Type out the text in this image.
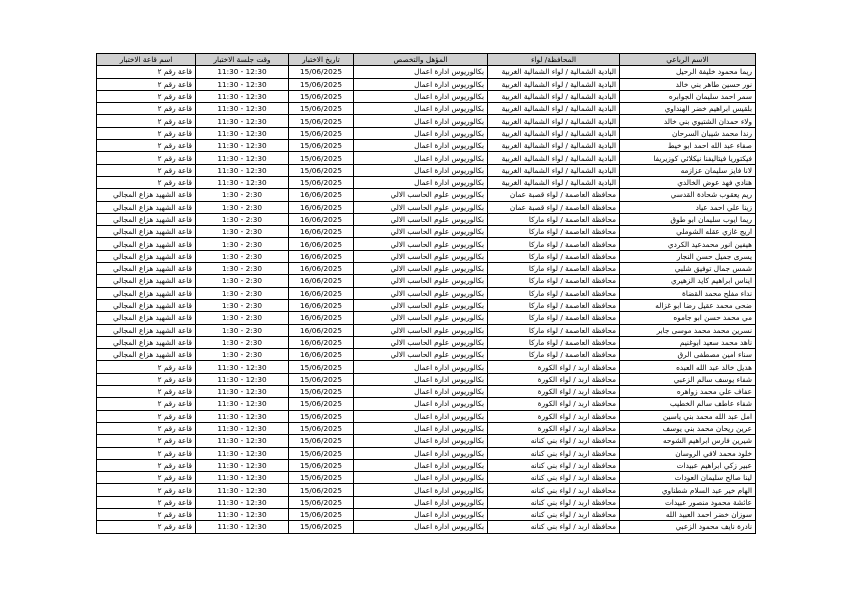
الاسم الرباعي	المحافظة/ لواء	المؤهل والتخصص	تاريخ الاختبار	وقت جلسة الاختبار	اسم قاعة الاختبار
ريما محمود خليفة الرحيل	البادية الشمالية / لواء الشمالية الغربية	بكالوريوس ادارة اعمال	15/06/2025	11:30 - 12:30	قاعة رقم ٢
نور حسين طاهر بني خالد	البادية الشمالية / لواء الشمالية الغربية	بكالوريوس ادارة اعمال	15/06/2025	11:30 - 12:30	قاعة رقم ٢
سمر احمد سليمان الجوابره	البادية الشمالية / لواء الشمالية الغربية	بكالوريوس ادارة اعمال	15/06/2025	11:30 - 12:30	قاعة رقم ٢
بلقيس ابراهيم خضر الهنداوي	البادية الشمالية / لواء الشمالية الغربية	بكالوريوس ادارة اعمال	15/06/2025	11:30 - 12:30	قاعة رقم ٢
ولاء حمدان الشتيوي بني خالد	البادية الشمالية / لواء الشمالية الغربية	بكالوريوس ادارة اعمال	15/06/2025	11:30 - 12:30	قاعة رقم ٢
رندا محمد شيبان السرحان	البادية الشمالية / لواء الشمالية الغربية	بكالوريوس ادارة اعمال	15/06/2025	11:30 - 12:30	قاعة رقم ٢
صفاء عبد الله احمد ابو خيط	البادية الشمالية / لواء الشمالية الغربية	بكالوريوس ادارة اعمال	15/06/2025	11:30 - 12:30	قاعة رقم ٢
فيكتوريا فيتاليفنا نيكلائي كوزيريفا	البادية الشمالية / لواء الشمالية الغربية	بكالوريوس ادارة اعمال	15/06/2025	11:30 - 12:30	قاعة رقم ٢
لانا فايز سليمان عزازمه	البادية الشمالية / لواء الشمالية الغربية	بكالوريوس ادارة اعمال	15/06/2025	11:30 - 12:30	قاعة رقم ٢
هنادي فهد عوض الخالدي	البادية الشمالية / لواء الشمالية الغربية	بكالوريوس ادارة اعمال	15/06/2025	11:30 - 12:30	قاعة رقم ٢
ريم يعقوب شحادة القدسي	محافظة العاصمة / لواء قصبة عمان	بكالوريوس علوم الحاسب الالي	16/06/2025	1:30 - 2:30	قاعة الشهيد هزاع المجالي
زينا علي احمد عياد	محافظة العاصمة / لواء قصبة عمان	بكالوريوس علوم الحاسب الالي	16/06/2025	1:30 - 2:30	قاعة الشهيد هزاع المجالي
ريما ايوب سليمان ابو طوق	محافظة العاصمة / لواء ماركا	بكالوريوس علوم الحاسب الالي	16/06/2025	1:30 - 2:30	قاعة الشهيد هزاع المجالي
اريج غازي عقله الشوملي	محافظة العاصمة / لواء ماركا	بكالوريوس علوم الحاسب الالي	16/06/2025	1:30 - 2:30	قاعة الشهيد هزاع المجالي
هيفين انور محمدعيد الكردي	محافظة العاصمة / لواء ماركا	بكالوريوس علوم الحاسب الالي	16/06/2025	1:30 - 2:30	قاعة الشهيد هزاع المجالي
يسرى جميل حسن النجار	محافظة العاصمة / لواء ماركا	بكالوريوس علوم الحاسب الالي	16/06/2025	1:30 - 2:30	قاعة الشهيد هزاع المجالي
شمس جمال توفيق شلبي	محافظة العاصمة / لواء ماركا	بكالوريوس علوم الحاسب الالي	16/06/2025	1:30 - 2:30	قاعة الشهيد هزاع المجالي
ايناس ابراهيم كايد الزهيري	محافظة العاصمة / لواء ماركا	بكالوريوس علوم الحاسب الالي	16/06/2025	1:30 - 2:30	قاعة الشهيد هزاع المجالي
نداء مفلح محمد القضاة	محافظة العاصمة / لواء ماركا	بكالوريوس علوم الحاسب الالي	16/06/2025	1:30 - 2:30	قاعة الشهيد هزاع المجالي
ضحى محمد عقيل رضا ابو غزاله	محافظة العاصمة / لواء ماركا	بكالوريوس علوم الحاسب الالي	16/06/2025	1:30 - 2:30	قاعة الشهيد هزاع المجالي
مي محمد حسن ابو جاموه	محافظة العاصمة / لواء ماركا	بكالوريوس علوم الحاسب الالي	16/06/2025	1:30 - 2:30	قاعة الشهيد هزاع المجالي
نسرين محمد محمد موسى جابر	محافظة العاصمة / لواء ماركا	بكالوريوس علوم الحاسب الالي	16/06/2025	1:30 - 2:30	قاعة الشهيد هزاع المجالي
ناهد محمد سعيد ابوغنيم	محافظة العاصمة / لواء ماركا	بكالوريوس علوم الحاسب الالي	16/06/2025	1:30 - 2:30	قاعة الشهيد هزاع المجالي
سناء امين مصطفى الرق	محافظة العاصمة / لواء ماركا	بكالوريوس علوم الحاسب الالي	16/06/2025	1:30 - 2:30	قاعة الشهيد هزاع المجالي
هديل خالد عبد الله العبده	محافظة اربد / لواء الكورة	بكالوريوس ادارة اعمال	15/06/2025	11:30 - 12:30	قاعة رقم ٢
شفاء يوسف سالم الزعبي	محافظة اربد / لواء الكورة	بكالوريوس ادارة اعمال	15/06/2025	11:30 - 12:30	قاعة رقم ٢
عفاف علي محمد زواهره	محافظة اربد / لواء الكورة	بكالوريوس ادارة اعمال	15/06/2025	11:30 - 12:30	قاعة رقم ٢
شفاء عاطف سالم الخطيب	محافظة اربد / لواء الكورة	بكالوريوس ادارة اعمال	15/06/2025	11:30 - 12:30	قاعة رقم ٢
امل عبد الله محمد بني ياسين	محافظة اربد / لواء الكورة	بكالوريوس ادارة اعمال	15/06/2025	11:30 - 12:30	قاعة رقم ٢
عرين ريحان محمد بني يوسف	محافظة اربد / لواء الكورة	بكالوريوس ادارة اعمال	15/06/2025	11:30 - 12:30	قاعة رقم ٢
شيرين فارس ابراهيم الشوحه	محافظة اربد / لواء بني كنانه	بكالوريوس ادارة اعمال	15/06/2025	11:30 - 12:30	قاعة رقم ٢
خلود محمد لافي الروسان	محافظة اربد / لواء بني كنانه	بكالوريوس ادارة اعمال	15/06/2025	11:30 - 12:30	قاعة رقم ٢
عبير زكي ابراهيم عبيدات	محافظة اربد / لواء بني كنانه	بكالوريوس ادارة اعمال	15/06/2025	11:30 - 12:30	قاعة رقم ٢
لينا صالح سليمان العودات	محافظة اربد / لواء بني كنانه	بكالوريوس ادارة اعمال	15/06/2025	11:30 - 12:30	قاعة رقم ٢
الهام خير عبد السلام شطناوي	محافظة اربد / لواء بني كنانه	بكالوريوس ادارة اعمال	15/06/2025	11:30 - 12:30	قاعة رقم ٢
عائشة محمود منصور عبيدات	محافظة اربد / لواء بني كنانه	بكالوريوس ادارة اعمال	15/06/2025	11:30 - 12:30	قاعة رقم ٢
سوزان خضر احمد العبيد الله	محافظة اربد / لواء بني كنانه	بكالوريوس ادارة اعمال	15/06/2025	11:30 - 12:30	قاعة رقم ٢
نادرة نايف محمود الزعبي	محافظة اربد / لواء بني كنانه	بكالوريوس ادارة اعمال	15/06/2025	11:30 - 12:30	قاعة رقم ٢
